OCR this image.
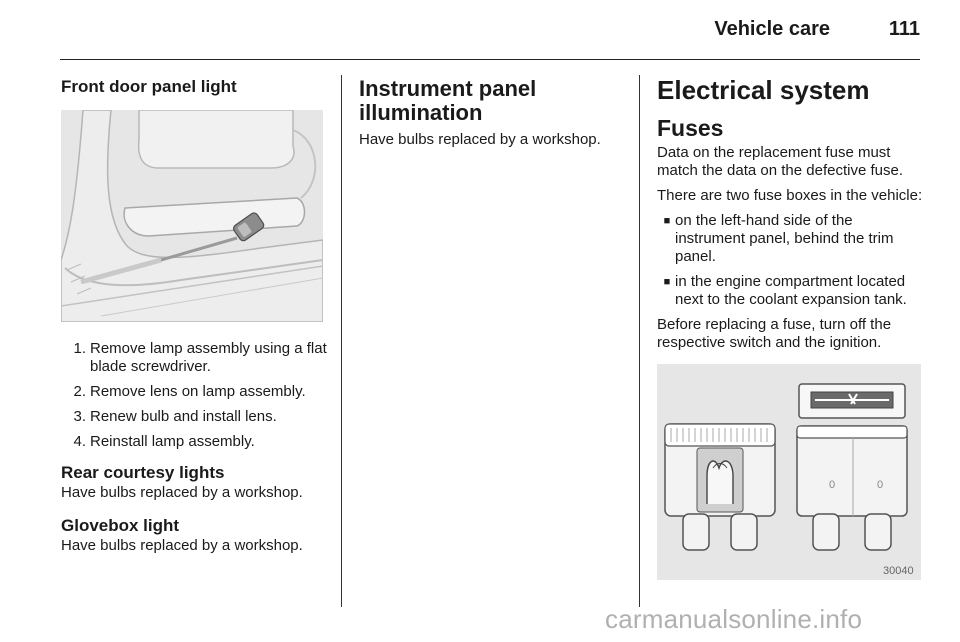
Vehicle care	111
Front door panel light
1. Remove lamp assembly using a flat blade screwdriver.
2. Remove lens on lamp assembly.
3. Renew bulb and install lens.
4. Reinstall lamp assembly.
Rear courtesy lights

Have bulbs replaced by a workshop.

Glovebox light

Have bulbs replaced by a workshop.

Instrument panel illumination

Have bulbs replaced by a workshop.

Electrical system
Fuses

Data on the replacement fuse must match the data on the defective fuse.

There are two fuse boxes in the vehicle:

■ on the left-hand side of the instrument panel, behind the trim panel.
■ in the engine compartment located next to the coolant expansion tank.

Before replacing a fuse, turn off the respective switch and the ignition.

0	0
30040
carmanualsonline.info
